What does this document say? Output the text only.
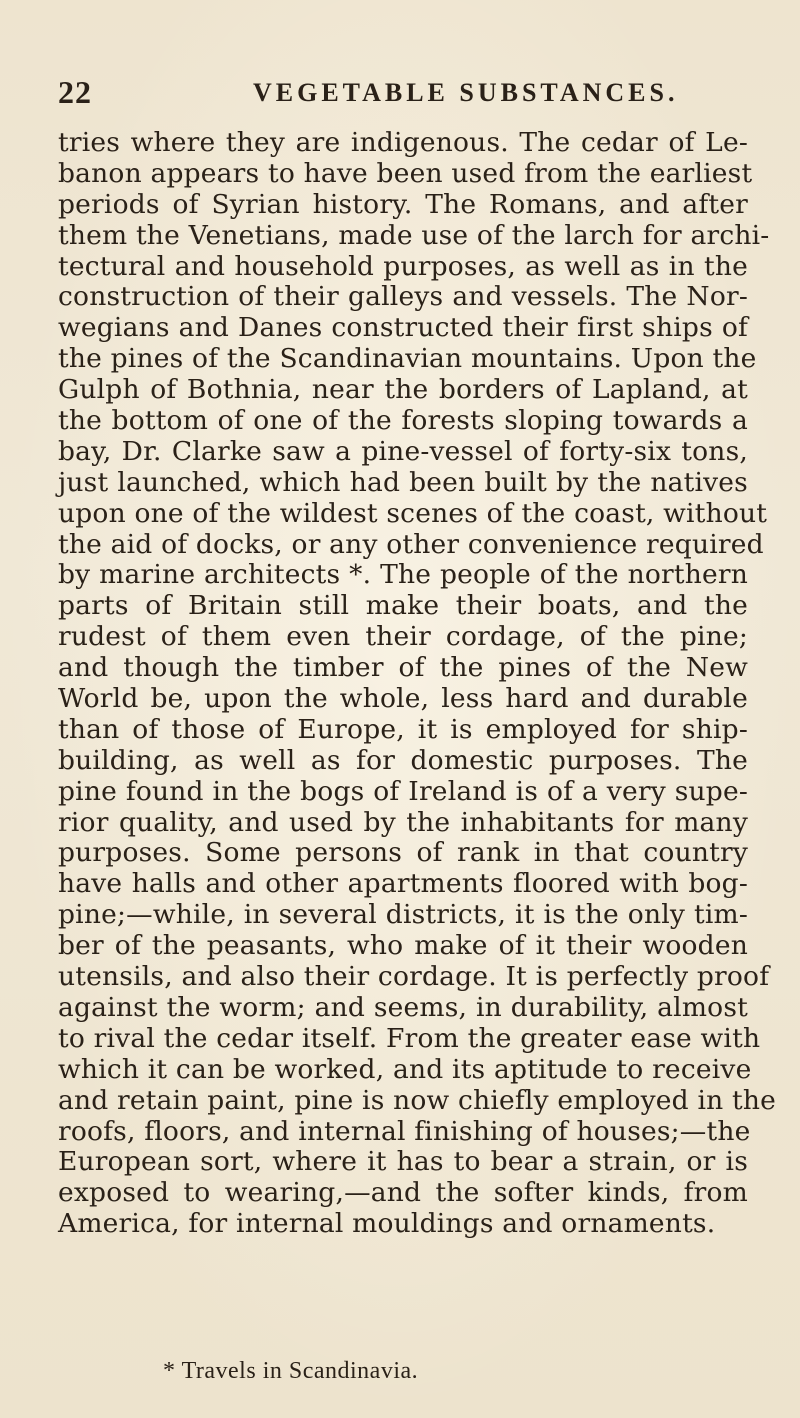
22	VEGETABLE SUBSTANCES.
tries where they are indigenous. The cedar of Le-
banon appears to have been used from the earliest
periods of Syrian history. The Romans, and after
them the Venetians, made use of the larch for archi-
tectural and household purposes, as well as in the
construction of their galleys and vessels. The Nor-
wegians and Danes constructed their first ships of
the pines of the Scandinavian mountains. Upon the
Gulph of Bothnia, near the borders of Lapland, at
the bottom of one of the forests sloping towards a
bay, Dr. Clarke saw a pine-vessel of forty-six tons,
just launched, which had been built by the natives
upon one of the wildest scenes of the coast, without
the aid of docks, or any other convenience required
by marine architects *. The people of the northern
parts of Britain still make their boats, and the
rudest of them even their cordage, of the pine;
and though the timber of the pines of the New
World be, upon the whole, less hard and durable
than of those of Europe, it is employed for ship-
building, as well as for domestic purposes. The
pine found in the bogs of Ireland is of a very supe-
rior quality, and used by the inhabitants for many
purposes. Some persons of rank in that country
have halls and other apartments floored with bog-
pine;—while, in several districts, it is the only tim-
ber of the peasants, who make of it their wooden
utensils, and also their cordage. It is perfectly proof
against the worm; and seems, in durability, almost
to rival the cedar itself. From the greater ease with
which it can be worked, and its aptitude to receive
and retain paint, pine is now chiefly employed in the
roofs, floors, and internal finishing of houses;—the
European sort, where it has to bear a strain, or is
exposed to wearing,—and the softer kinds, from
America, for internal mouldings and ornaments.
* Travels in Scandinavia.
